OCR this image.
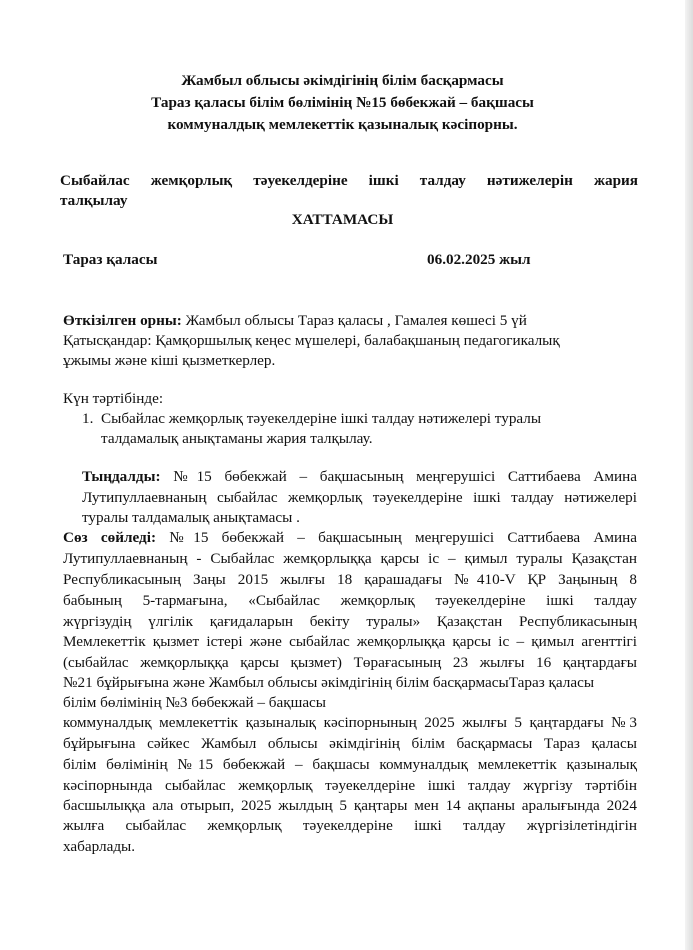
Жамбыл облысы әкімдігінің білім басқармасы
Тараз қаласы білім бөлімінің №15 бөбекжай – бақшасы
коммуналдық мемлекеттік қазыналық кәсіпорны.
Сыбайлас жемқорлық тәуекелдеріне ішкі талдау нәтижелерін жария
талқылау
ХАТТАМАСЫ
Тараз қаласы	06.02.2025 жыл
Өткізілген орны: Жамбыл облысы Тараз қаласы , Гамалея көшесі 5 үй
Қатысқандар: Қамқоршылық кеңес мүшелері, балабақшаның педагогикалық
ұжымы және кіші қызметкерлер.
Күн тәртібінде:
1. Сыбайлас жемқорлық тәуекелдеріне ішкі талдау нәтижелері туралы
талдамалық анықтаманы жария талқылау.
Тыңдалды: №15 бөбекжай – бақшасының меңгерушісі Саттибаева Амина
Лутипуллаевнаның сыбайлас жемқорлық тәуекелдеріне ішкі талдау нәтижелері
туралы талдамалық анықтамасы .
Сөз сөйледі: №15 бөбекжай – бақшасының меңгерушісі Саттибаева Амина
Лутипуллаевнаның - Сыбайлас жемқорлыққа қарсы іс – қимыл туралы Қазақстан
Республикасының Заңы 2015 жылғы 18 қарашадағы №410-V ҚР Заңының 8
бабының 5-тармағына, «Сыбайлас жемқорлық тәуекелдеріне ішкі талдау
жүргізудің үлгілік қағидаларын бекіту туралы» Қазақстан Республикасының
Мемлекеттік қызмет істері және сыбайлас жемқорлыққа қарсы іс – қимыл агенттігі
(сыбайлас жемқорлыққа қарсы қызмет) Төрағасының 23 жылғы 16 қаңтардағы
№21 бұйрығына және Жамбыл облысы әкімдігінің білім басқармасыТараз қаласы
білім бөлімінің №3 бөбекжай – бақшасы
коммуналдық мемлекеттік қазыналық кәсіпорнының 2025 жылғы 5 қаңтардағы №3
бұйрығына сәйкес Жамбыл облысы әкімдігінің білім басқармасы Тараз қаласы
білім бөлімінің №15 бөбекжай – бақшасы коммуналдық мемлекеттік қазыналық
кәсіпорнында сыбайлас жемқорлық тәуекелдеріне ішкі талдау жүргізу тәртібін
басшылыққа ала отырып, 2025 жылдың 5 қаңтары мен 14 ақпаны аралығында 2024
жылға сыбайлас жемқорлық тәуекелдеріне ішкі талдау жүргізілетіндігін
хабарлады.
